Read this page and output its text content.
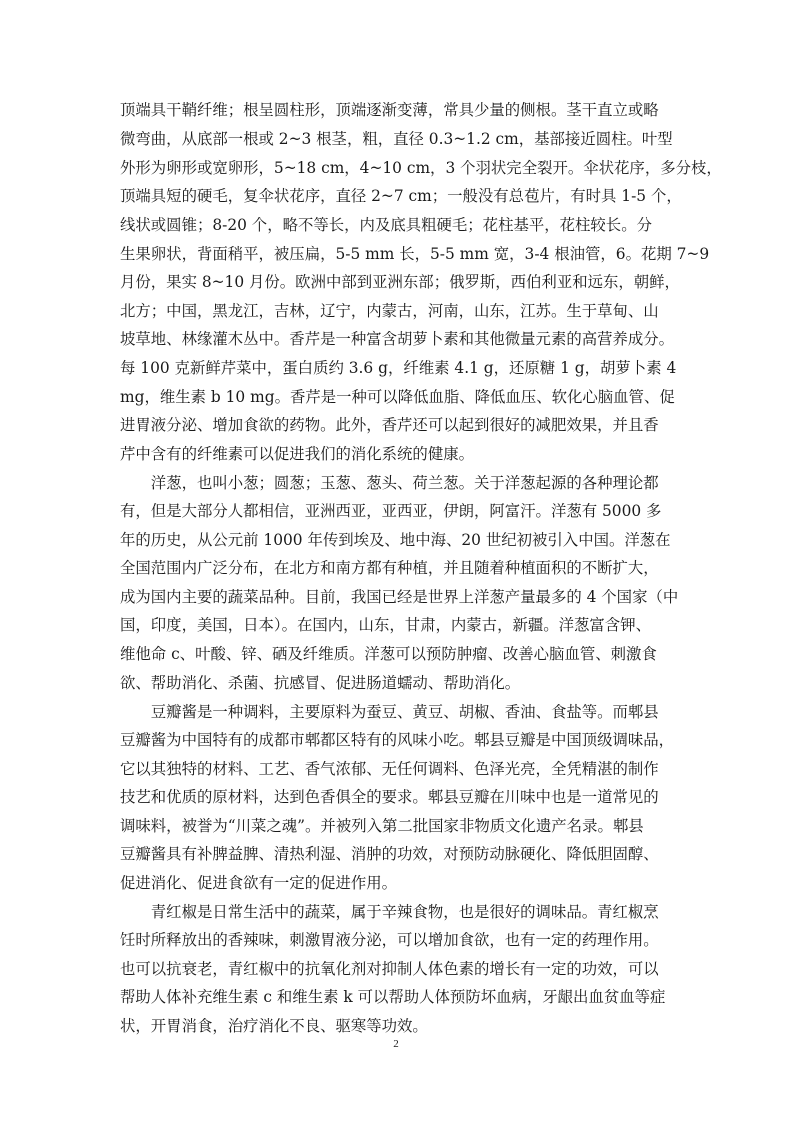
顶端具干鞘纤维；根呈圆柱形，顶端逐渐变薄，常具少量的侧根。茎干直立或略

微弯曲，从底部一根或 2~3 根茎，粗，直径 0.3~1.2 cm，基部接近圆柱。叶型

外形为卵形或宽卵形，5~18 cm，4~10 cm，3 个羽状完全裂开。伞状花序，多分枝，

顶端具短的硬毛，复伞状花序，直径 2~7 cm；一般没有总苞片，有时具 1-5 个，

线状或圆锥；8-20 个，略不等长，内及底具粗硬毛；花柱基平，花柱较长。分

生果卵状，背面稍平，被压扁，5-5 mm 长，5-5 mm 宽，3-4 根油管，6。花期 7~9

月份，果实 8~10 月份。欧洲中部到亚洲东部；俄罗斯，西伯利亚和远东，朝鲜，

北方；中国，黑龙江，吉林，辽宁，内蒙古，河南，山东，江苏。生于草甸、山

坡草地、林缘灌木丛中。香芹是一种富含胡萝卜素和其他微量元素的高营养成分。

每 100 克新鲜芹菜中，蛋白质约 3.6 g，纤维素 4.1 g，还原糖 1 g，胡萝卜素 4

mg，维生素 b 10 mg。香芹是一种可以降低血脂、降低血压、软化心脑血管、促

进胃液分泌、增加食欲的药物。此外，香芹还可以起到很好的减肥效果，并且香

芹中含有的纤维素可以促进我们的消化系统的健康。

　　洋葱，也叫小葱；圆葱；玉葱、葱头、荷兰葱。关于洋葱起源的各种理论都

有，但是大部分人都相信，亚洲西亚，亚西亚，伊朗，阿富汗。洋葱有 5000 多

年的历史，从公元前 1000 年传到埃及、地中海、20 世纪初被引入中国。洋葱在

全国范围内广泛分布，在北方和南方都有种植，并且随着种植面积的不断扩大，

成为国内主要的蔬菜品种。目前，我国已经是世界上洋葱产量最多的 4 个国家（中

国，印度，美国，日本）。在国内，山东，甘肃，内蒙古，新疆。洋葱富含钾、

维他命 c、叶酸、锌、硒及纤维质。洋葱可以预防肿瘤、改善心脑血管、刺激食

欲、帮助消化、杀菌、抗感冒、促进肠道蠕动、帮助消化。

　　豆瓣酱是一种调料，主要原料为蚕豆、黄豆、胡椒、香油、食盐等。而郫县

豆瓣酱为中国特有的成都市郫都区特有的风味小吃。郫县豆瓣是中国顶级调味品，

它以其独特的材料、工艺、香气浓郁、无任何调料、色泽光亮，全凭精湛的制作

技艺和优质的原材料，达到色香俱全的要求。郫县豆瓣在川味中也是一道常见的

调味料，被誉为“川菜之魂”。并被列入第二批国家非物质文化遗产名录。郫县

豆瓣酱具有补脾益脾、清热利湿、消肿的功效，对预防动脉硬化、降低胆固醇、

促进消化、促进食欲有一定的促进作用。

　　青红椒是日常生活中的蔬菜，属于辛辣食物，也是很好的调味品。青红椒烹

饪时所释放出的香辣味，刺激胃液分泌，可以增加食欲，也有一定的药理作用。

也可以抗衰老，青红椒中的抗氧化剂对抑制人体色素的增长有一定的功效，可以

帮助人体补充维生素 c 和维生素 k 可以帮助人体预防坏血病，牙龈出血贫血等症

状，开胃消食，治疗消化不良、驱寒等功效。

2
